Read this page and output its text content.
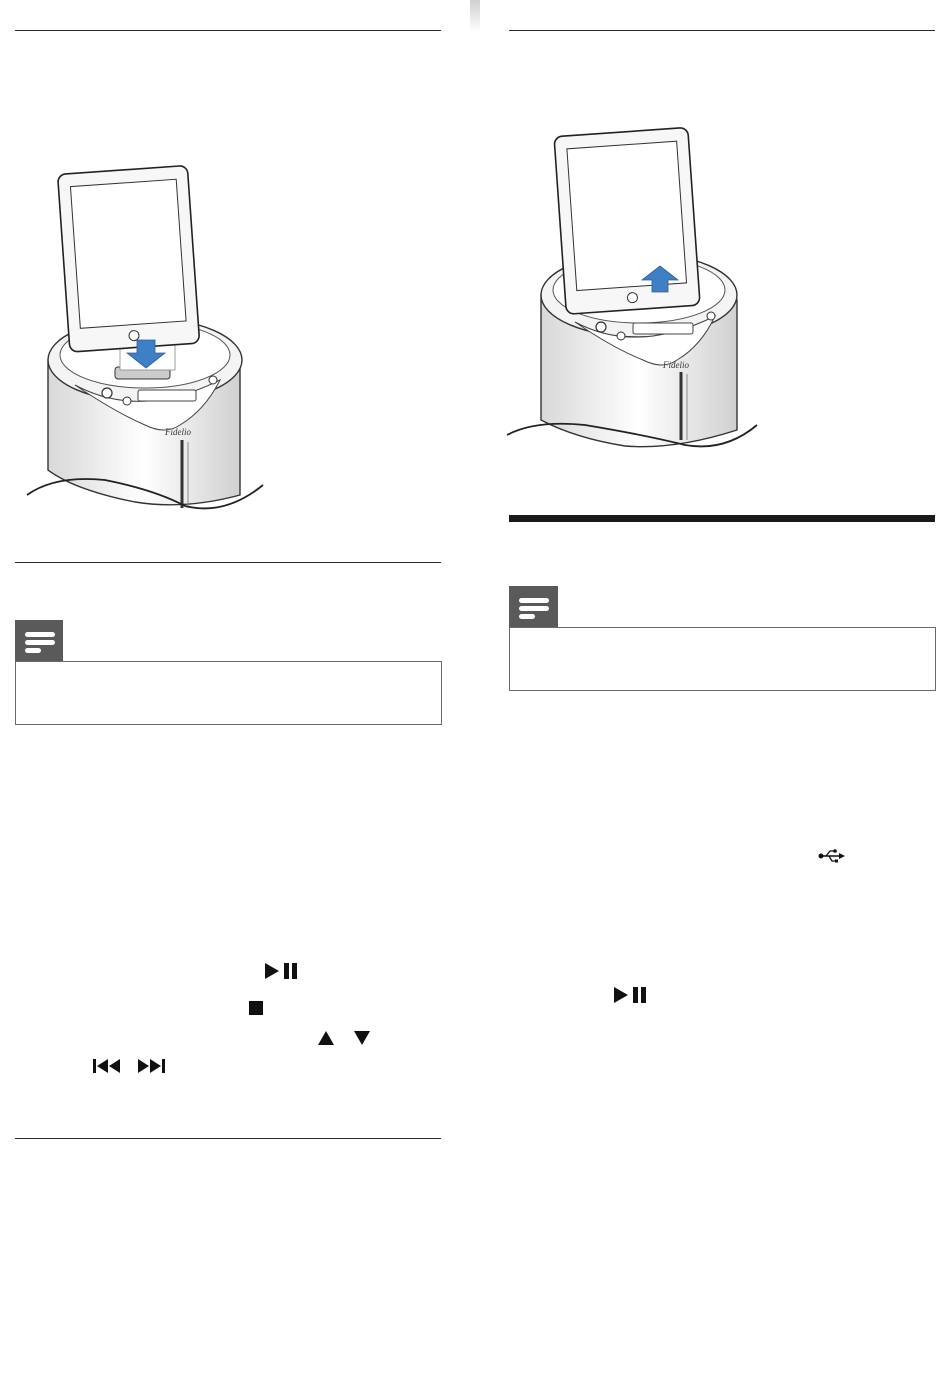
Fidelio
Fidelio
